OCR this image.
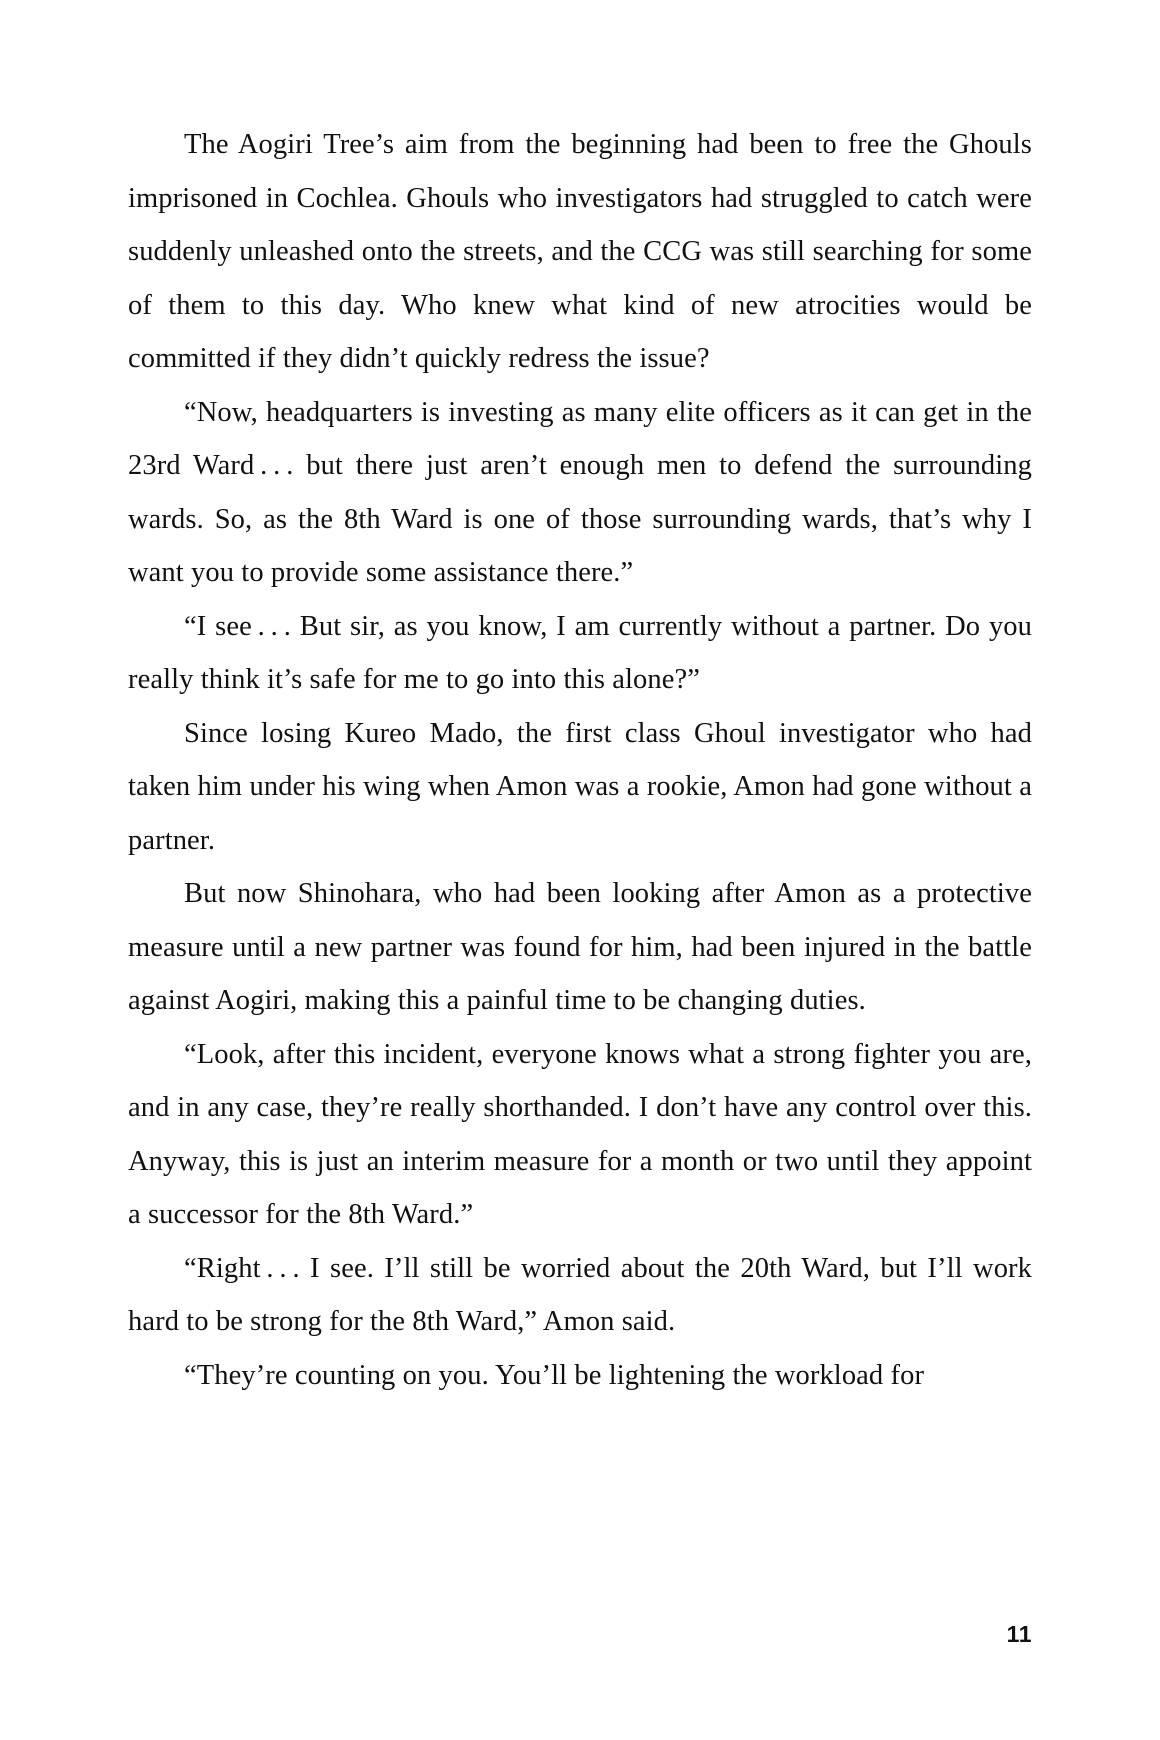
The Aogiri Tree’s aim from the beginning had been to free the Ghouls imprisoned in Cochlea. Ghouls who investigators had struggled to catch were suddenly unleashed onto the streets, and the CCG was still searching for some of them to this day. Who knew what kind of new atrocities would be committed if they didn’t quickly redress the issue?

“Now, headquarters is investing as many elite officers as it can get in the 23rd Ward . . . but there just aren’t enough men to defend the surrounding wards. So, as the 8th Ward is one of those surrounding wards, that’s why I want you to provide some assistance there.”

“I see . . . But sir, as you know, I am currently without a partner. Do you really think it’s safe for me to go into this alone?”

Since losing Kureo Mado, the first class Ghoul investigator who had taken him under his wing when Amon was a rookie, Amon had gone without a partner.

But now Shinohara, who had been looking after Amon as a protective measure until a new partner was found for him, had been injured in the battle against Aogiri, making this a painful time to be changing duties.

“Look, after this incident, everyone knows what a strong fighter you are, and in any case, they’re really shorthanded. I don’t have any control over this. Anyway, this is just an interim measure for a month or two until they appoint a successor for the 8th Ward.”

“Right . . . I see. I’ll still be worried about the 20th Ward, but I’ll work hard to be strong for the 8th Ward,” Amon said.

“They’re counting on you. You’ll be lightening the workload for

11
